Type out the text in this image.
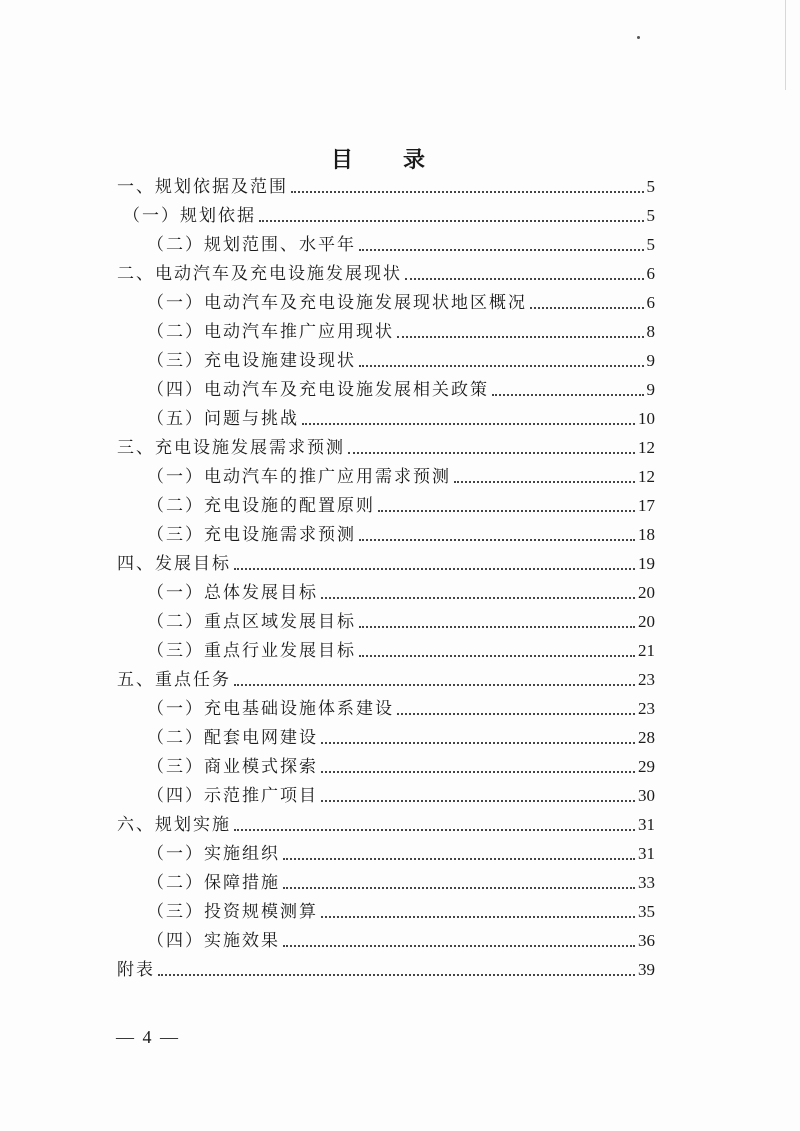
目　录
一、规划依据及范围	5
（一）规划依据	5
（二）规划范围、水平年	5
二、电动汽车及充电设施发展现状	6
（一）电动汽车及充电设施发展现状地区概况	6
（二）电动汽车推广应用现状	8
（三）充电设施建设现状	9
（四）电动汽车及充电设施发展相关政策	9
（五）问题与挑战	10
三、充电设施发展需求预测	12
（一）电动汽车的推广应用需求预测	12
（二）充电设施的配置原则	17
（三）充电设施需求预测	18
四、发展目标	19
（一）总体发展目标	20
（二）重点区域发展目标	20
（三）重点行业发展目标	21
五、重点任务	23
（一）充电基础设施体系建设	23
（二）配套电网建设	28
（三）商业模式探索	29
（四）示范推广项目	30
六、规划实施	31
（一）实施组织	31
（二）保障措施	33
（三）投资规模测算	35
（四）实施效果	36
附表	39
— 4 —
